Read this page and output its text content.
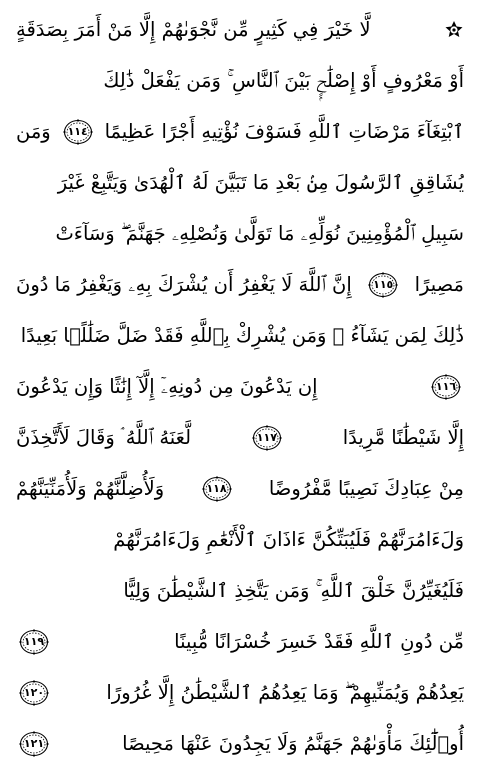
لَّا خَيْرَ فِي كَثِيرٍ مِّن نَّجْوَىٰهُمْ إِلَّا مَنْ أَمَرَ بِصَدَقَةٍ
أَوْ مَعْرُوفٍ أَوْ إِصْلَٰحٍۭ بَيْنَ ٱلنَّاسِ ۚ وَمَن يَفْعَلْ ذَٰلِكَ
ٱبْتِغَآءَ مَرْضَاتِ ٱللَّهِ فَسَوْفَ نُؤْتِيهِ أَجْرًا عَظِيمًا
١١٤
وَمَن
يُشَاقِقِ ٱلرَّسُولَ مِنۢ بَعْدِ مَا تَبَيَّنَ لَهُ ٱلْهُدَىٰ وَيَتَّبِعْ غَيْرَ
سَبِيلِ ٱلْمُؤْمِنِينَ نُوَلِّهِۦ مَا تَوَلَّىٰ وَنُصْلِهِۦ جَهَنَّمَ ۖ وَسَآءَتْ
مَصِيرًا
١١٥
إِنَّ ٱللَّهَ لَا يَغْفِرُ أَن يُشْرَكَ بِهِۦ وَيَغْفِرُ مَا دُونَ
ذَٰلِكَ لِمَن يَشَآءُ ۚ وَمَن يُشْرِكْ بِٱللَّهِ فَقَدْ ضَلَّ ضَلَٰلًۢا بَعِيدًا
١١٦
إِن يَدْعُونَ مِن دُونِهِۦٓ إِلَّآ إِنَٰثًا وَإِن يَدْعُونَ
إِلَّا شَيْطَٰنًا مَّرِيدًا
١١٧
لَّعَنَهُ ٱللَّهُ ۘ وَقَالَ لَأَتَّخِذَنَّ
مِنْ عِبَادِكَ نَصِيبًا مَّفْرُوضًا
١١٨
وَلَأُضِلَّنَّهُمْ وَلَأُمَنِّيَنَّهُمْ
وَلَءَامُرَنَّهُمْ فَلَيُبَتِّكُنَّ ءَاذَانَ ٱلْأَنْعَٰمِ وَلَءَامُرَنَّهُمْ
فَلَيُغَيِّرُنَّ خَلْقَ ٱللَّهِ ۚ وَمَن يَتَّخِذِ ٱلشَّيْطَٰنَ وَلِيًّا
مِّن دُونِ ٱللَّهِ فَقَدْ خَسِرَ خُسْرَانًا مُّبِينًا
١١٩
يَعِدُهُمْ وَيُمَنِّيهِمْ ۖ وَمَا يَعِدُهُمُ ٱلشَّيْطَٰنُ إِلَّا غُرُورًا
١٢٠
أُو۟لَٰٓئِكَ مَأْوَىٰهُمْ جَهَنَّمُ وَلَا يَجِدُونَ عَنْهَا مَحِيصًا
١٢١
